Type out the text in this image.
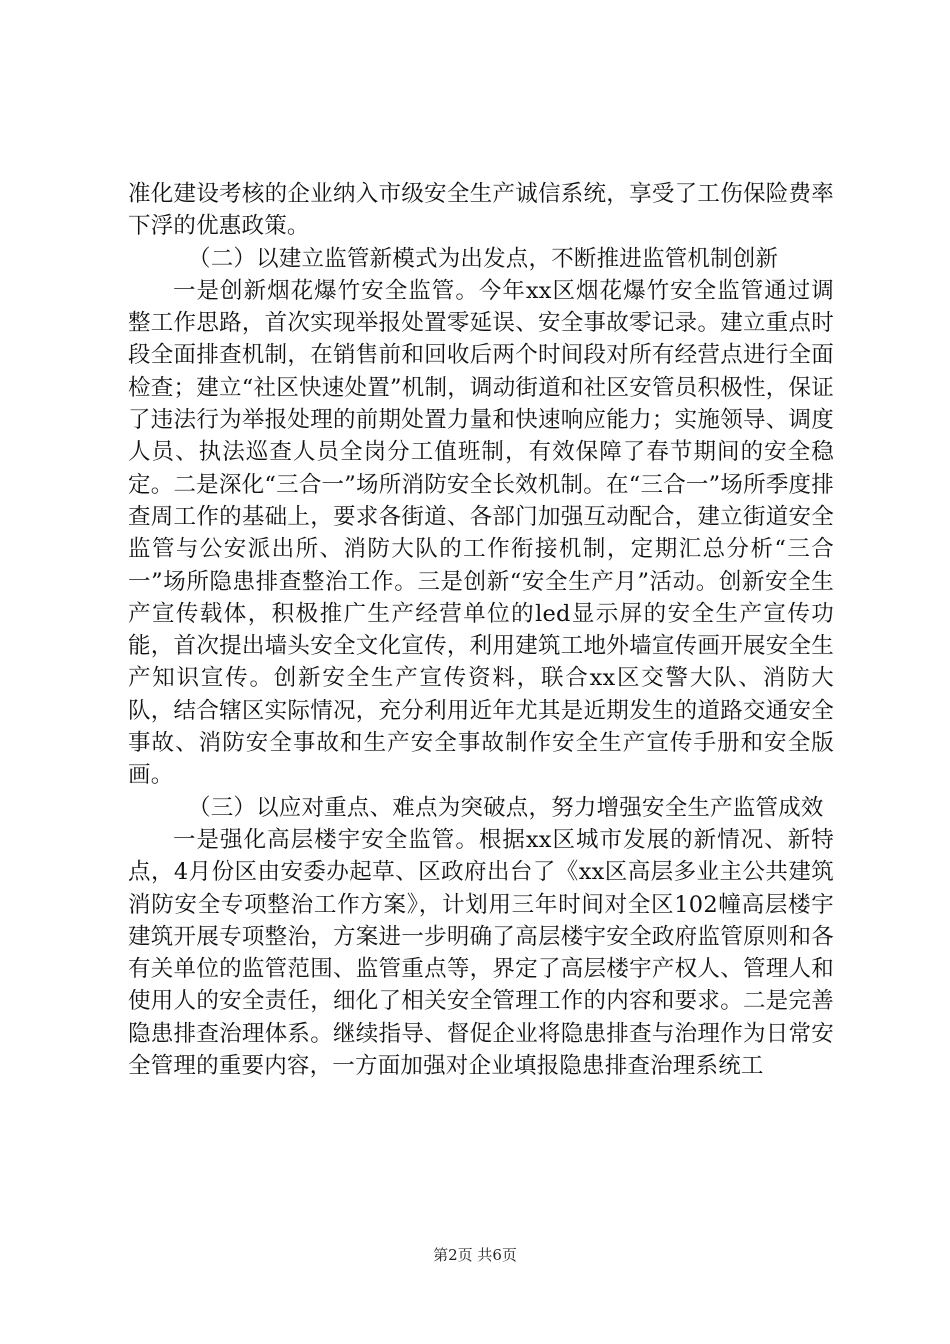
准化建设考核的企业纳入市级安全生产诚信系统，享受了工伤保险费率下浮的优惠政策。

（二）以建立监管新模式为出发点，不断推进监管机制创新

一是创新烟花爆竹安全监管。今年xx区烟花爆竹安全监管通过调整工作思路，首次实现举报处置零延误、安全事故零记录。建立重点时段全面排查机制，在销售前和回收后两个时间段对所有经营点进行全面检查；建立“社区快速处置”机制，调动街道和社区安管员积极性，保证了违法行为举报处理的前期处置力量和快速响应能力；实施领导、调度人员、执法巡查人员全岗分工值班制，有效保障了春节期间的安全稳定。二是深化“三合一”场所消防安全长效机制。在“三合一”场所季度排查周工作的基础上，要求各街道、各部门加强互动配合，建立街道安全监管与公安派出所、消防大队的工作衔接机制，定期汇总分析“三合一”场所隐患排查整治工作。三是创新“安全生产月”活动。创新安全生产宣传载体，积极推广生产经营单位的led显示屏的安全生产宣传功能，首次提出墙头安全文化宣传，利用建筑工地外墙宣传画开展安全生产知识宣传。创新安全生产宣传资料，联合xx区交警大队、消防大队，结合辖区实际情况，充分利用近年尤其是近期发生的道路交通安全事故、消防安全事故和生产安全事故制作安全生产宣传手册和安全版画。

（三）以应对重点、难点为突破点，努力增强安全生产监管成效

一是强化高层楼宇安全监管。根据xx区城市发展的新情况、新特点，4月份区由安委办起草、区政府出台了《xx区高层多业主公共建筑消防安全专项整治工作方案》，计划用三年时间对全区102幢高层楼宇建筑开展专项整治，方案进一步明确了高层楼宇安全政府监管原则和各有关单位的监管范围、监管重点等，界定了高层楼宇产权人、管理人和使用人的安全责任，细化了相关安全管理工作的内容和要求。二是完善隐患排查治理体系。继续指导、督促企业将隐患排查与治理作为日常安全管理的重要内容，一方面加强对企业填报隐患排查治理系统工

第2页 共6页
